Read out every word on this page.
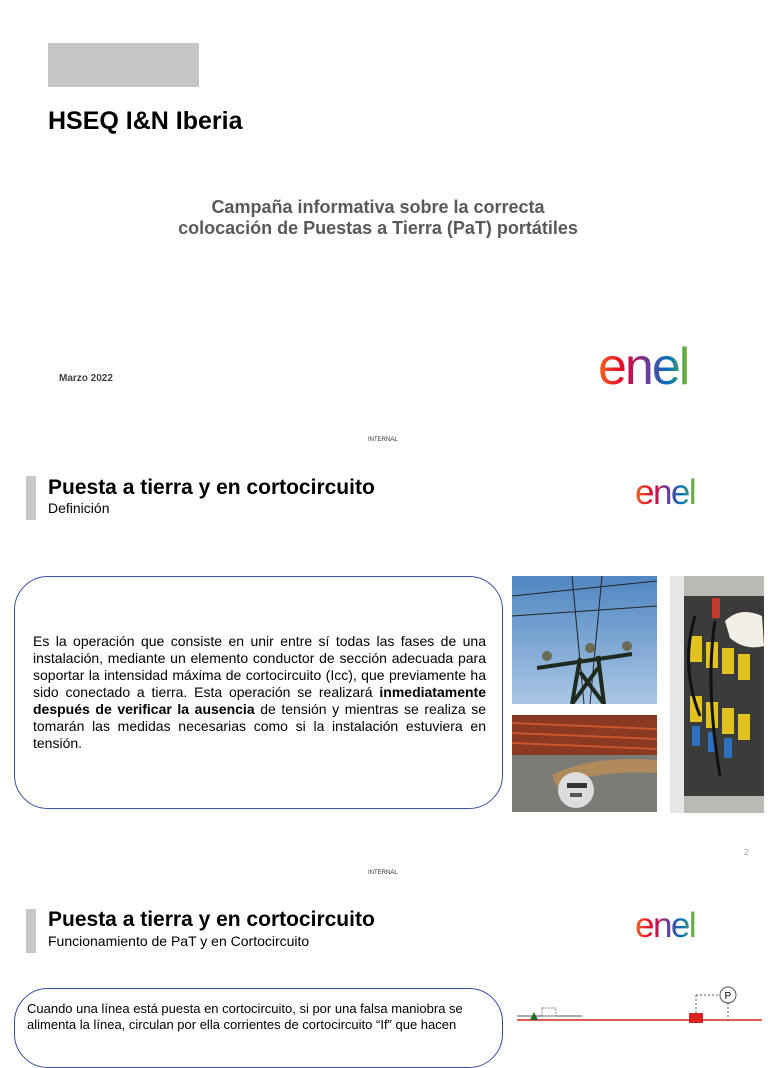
HSEQ I&N Iberia
Campaña informativa sobre la correcta
colocación de Puestas a Tierra (PaT) portátiles
Marzo 2022	enel
INTERNAL
Puesta a tierra y en cortocircuito
Definición	enel
Es la operación que consiste en unir entre sí todas las fases de una instalación, mediante un elemento conductor de sección adecuada para soportar la intensidad máxima de cortocircuito (Icc), que previamente ha sido conectado a tierra. Esta operación se realizará inmediatamente después de verificar la ausencia de tensión y mientras se realiza se tomarán las medidas necesarias como si la instalación estuviera en tensión.
2
INTERNAL
Puesta a tierra y en cortocircuito
Funcionamiento de PaT y en Cortocircuito	enel
Cuando una línea está puesta en cortocircuito, si por una falsa maniobra se
alimenta la línea, circulan por ella corrientes de cortocircuito “If” que hacen
P
